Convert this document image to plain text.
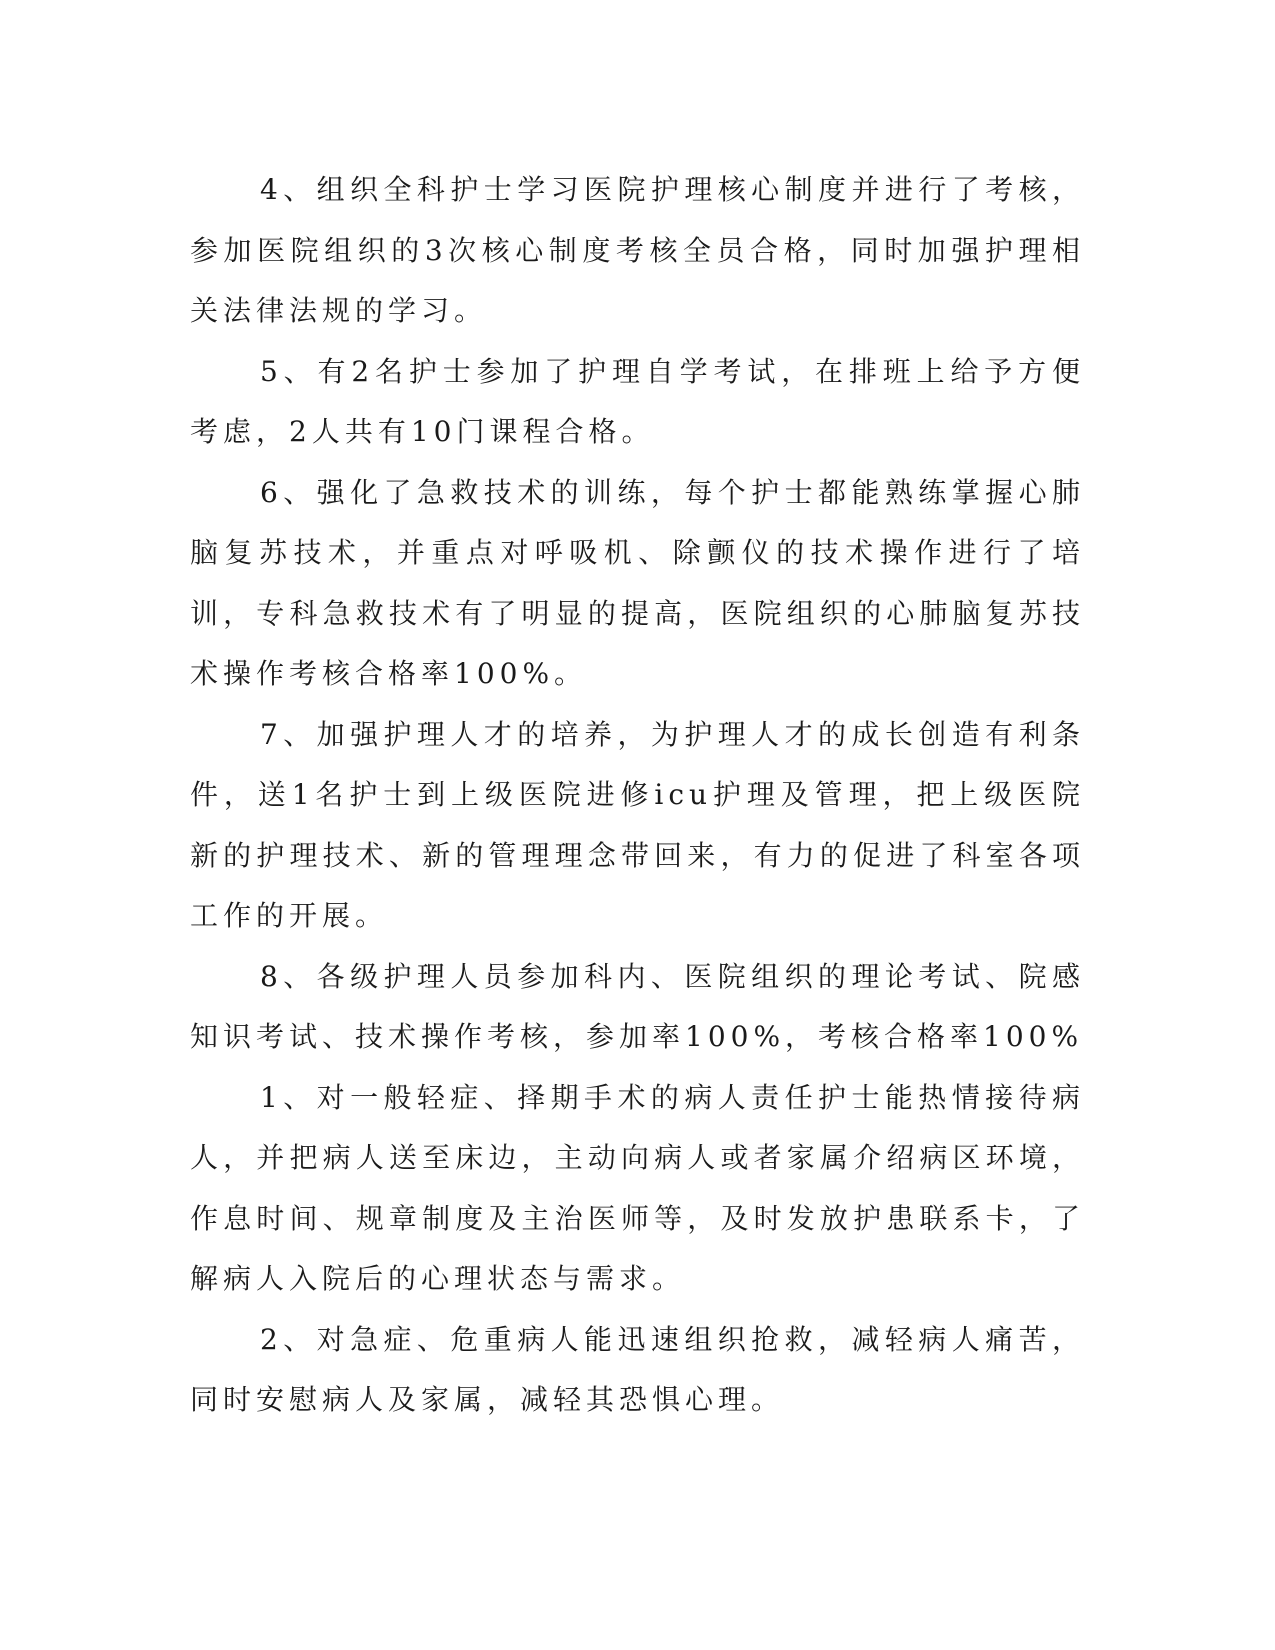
4、组织全科护士学习医院护理核心制度并进行了考核，参加医院组织的3次核心制度考核全员合格，同时加强护理相关法律法规的学习。

5、有2名护士参加了护理自学考试，在排班上给予方便考虑，2人共有10门课程合格。

6、强化了急救技术的训练，每个护士都能熟练掌握心肺脑复苏技术，并重点对呼吸机、除颤仪的技术操作进行了培训，专科急救技术有了明显的提高，医院组织的心肺脑复苏技术操作考核合格率100%。

7、加强护理人才的培养，为护理人才的成长创造有利条件，送1名护士到上级医院进修icu护理及管理，把上级医院新的护理技术、新的管理理念带回来，有力的促进了科室各项工作的开展。

8、各级护理人员参加科内、医院组织的理论考试、院感知识考试、技术操作考核，参加率100%，考核合格率100%

1、对一般轻症、择期手术的病人责任护士能热情接待病人，并把病人送至床边，主动向病人或者家属介绍病区环境，作息时间、规章制度及主治医师等，及时发放护患联系卡，了解病人入院后的心理状态与需求。

2、对急症、危重病人能迅速组织抢救，减轻病人痛苦，同时安慰病人及家属，减轻其恐惧心理。
